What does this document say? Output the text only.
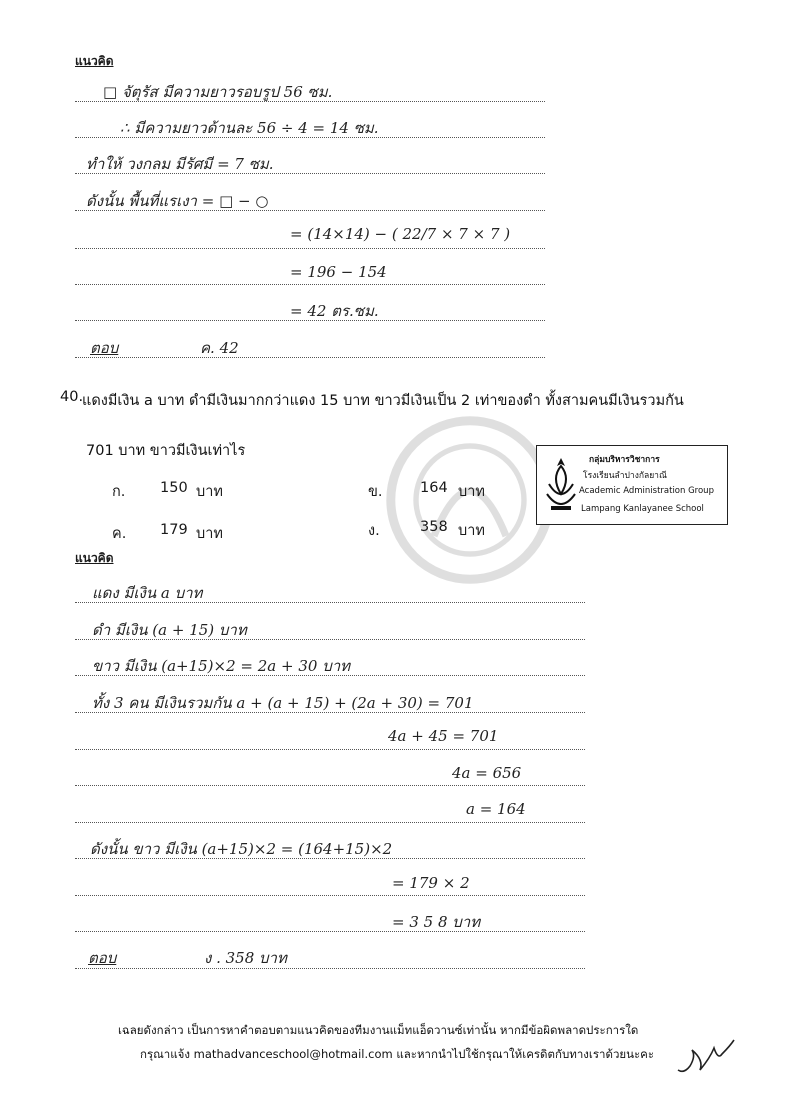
แนวคิด
□ จัตุรัส มีความยาวรอบรูป 56 ซม.
∴ มีความยาวด้านละ 56 ÷ 4 = 14 ซม.
ทำให้ วงกลม มีรัศมี = 7 ซม.
ดังนั้น พื้นที่แรเงา = □ − ○
= (14×14) − ( 22/7 × 7 × 7 )
= 196 − 154
= 42 ตร.ซม.
ตอบ	ค. 42
40.
แดงมีเงิน a บาท ดำมีเงินมากกว่าแดง 15 บาท ขาวมีเงินเป็น 2 เท่าของดำ ทั้งสามคนมีเงินรวมกัน
701 บาท ขาวมีเงินเท่าไร
ก. 150 บาท	ข.	164 บาท
ค. 179 บาท	ง.	358 บาท
กลุ่มบริหารวิชาการ
โรงเรียนลำปางกัลยาณี
Academic Administration Group
Lampang Kanlayanee School
แนวคิด
แดง มีเงิน a บาท
ดำ มีเงิน (a + 15) บาท
ขาว มีเงิน (a+15)×2 = 2a + 30 บาท
ทั้ง 3 คน มีเงินรวมกัน a + (a + 15) + (2a + 30) = 701
4a + 45 = 701
4a = 656
a = 164
ดังนั้น ขาว มีเงิน (a+15)×2 = (164+15)×2
= 179 × 2
= 3 5 8 บาท
ตอบ	ง . 358 บาท
เฉลยดังกล่าว เป็นการหาคำตอบตามแนวคิดของทีมงานแม็ทแอ็ดวานซ์เท่านั้น หากมีข้อผิดพลาดประการใด
กรุณาแจ้ง mathadvanceschool@hotmail.com และหากนำไปใช้กรุณาให้เครดิตกับทางเราด้วยนะคะ
